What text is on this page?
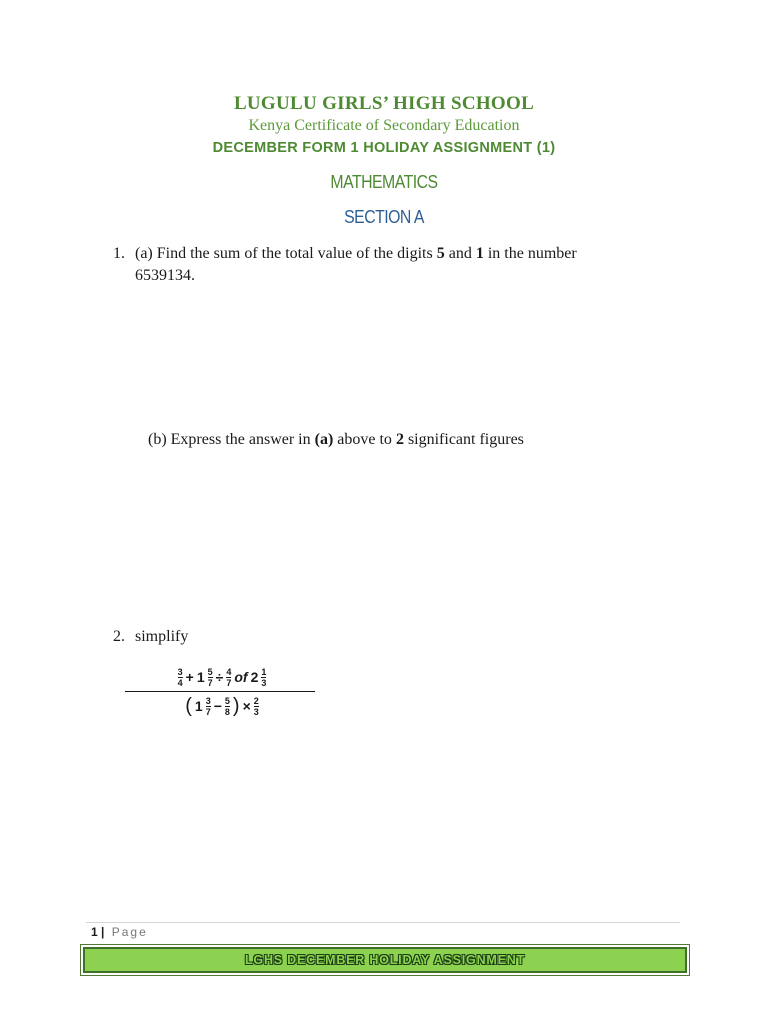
LUGULU GIRLS’ HIGH SCHOOL
Kenya Certificate of Secondary Education
DECEMBER FORM 1 HOLIDAY ASSIGNMENT (1)
MATHEMATICS
SECTION A
1. (a) Find the sum of the total value of the digits 5 and 1 in the number
6539134.
(b) Express the answer in (a) above to 2 significant figures
2. simplify
$\frac{3}{4} + 1 \frac{5}{7} \div \frac{4}{7}$ of $2 \frac{1}{3}$
( $1 \frac{3}{7} - \frac{5}{8}$ ) × $\frac{2}{3}$
1 | Page
LGHS DECEMBER HOLIDAY ASSIGNMENT
